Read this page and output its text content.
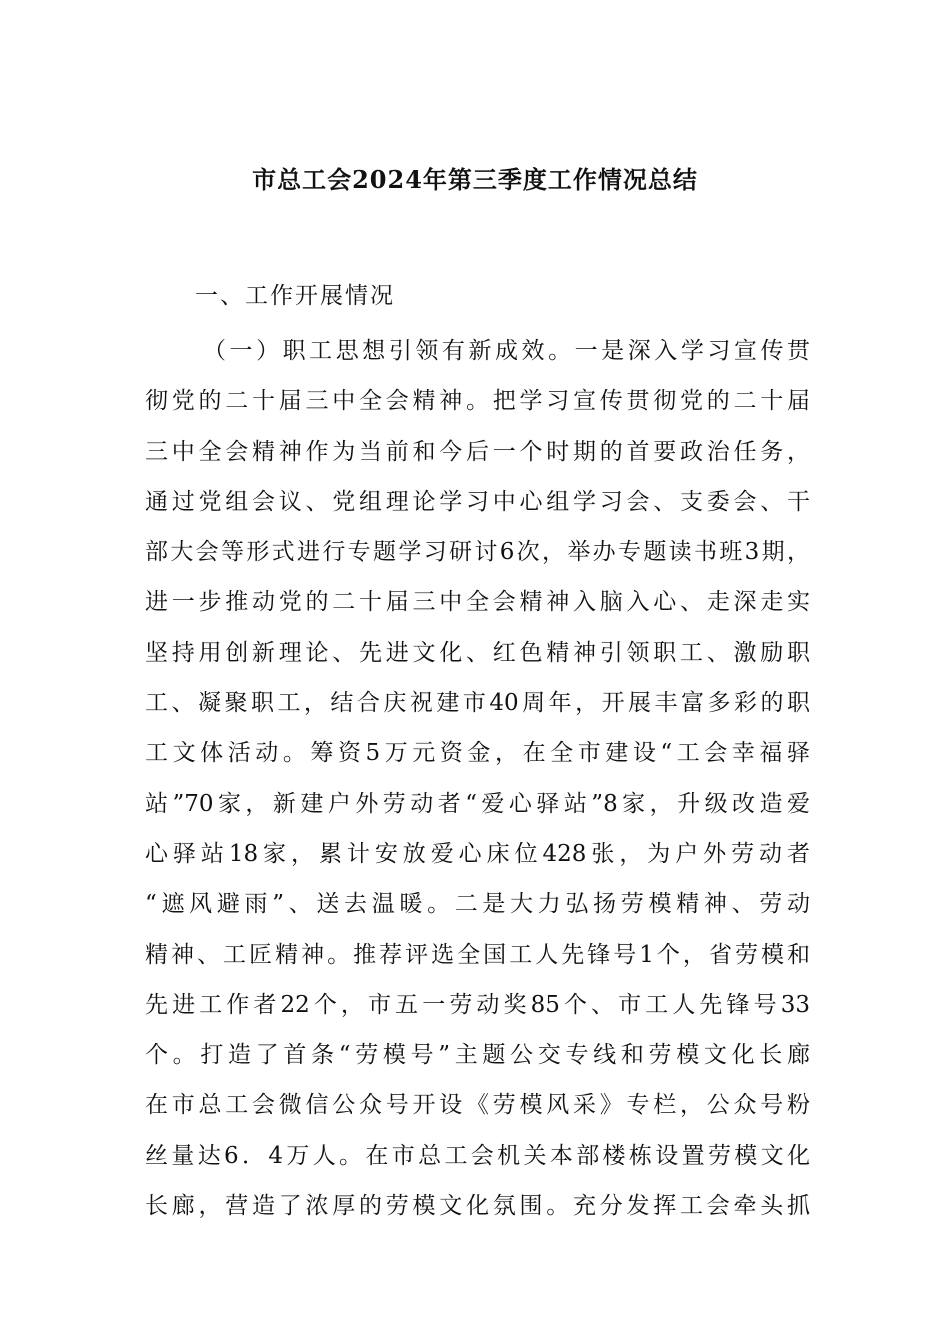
市总工会2024年第三季度工作情况总结
一、工作开展情况
（一）职工思想引领有新成效。一是深入学习宣传贯
彻党的二十届三中全会精神。把学习宣传贯彻党的二十届
三中全会精神作为当前和今后一个时期的首要政治任务，
通过党组会议、党组理论学习中心组学习会、支委会、干
部大会等形式进行专题学习研讨6次，举办专题读书班3期，
进一步推动党的二十届三中全会精神入脑入心、走深走实
坚持用创新理论、先进文化、红色精神引领职工、激励职
工、凝聚职工，结合庆祝建市40周年，开展丰富多彩的职
工文体活动。筹资5万元资金，在全市建设“工会幸福驿
站”70家，新建户外劳动者“爱心驿站”8家，升级改造爱
心驿站18家，累计安放爱心床位428张，为户外劳动者
“遮风避雨”、送去温暖。二是大力弘扬劳模精神、劳动
精神、工匠精神。推荐评选全国工人先锋号1个，省劳模和
先进工作者22个，市五一劳动奖85个、市工人先锋号33
个。打造了首条“劳模号”主题公交专线和劳模文化长廊
在市总工会微信公众号开设《劳模风采》专栏，公众号粉
丝量达6．4万人。在市总工会机关本部楼栋设置劳模文化
长廊，营造了浓厚的劳模文化氛围。充分发挥工会牵头抓
